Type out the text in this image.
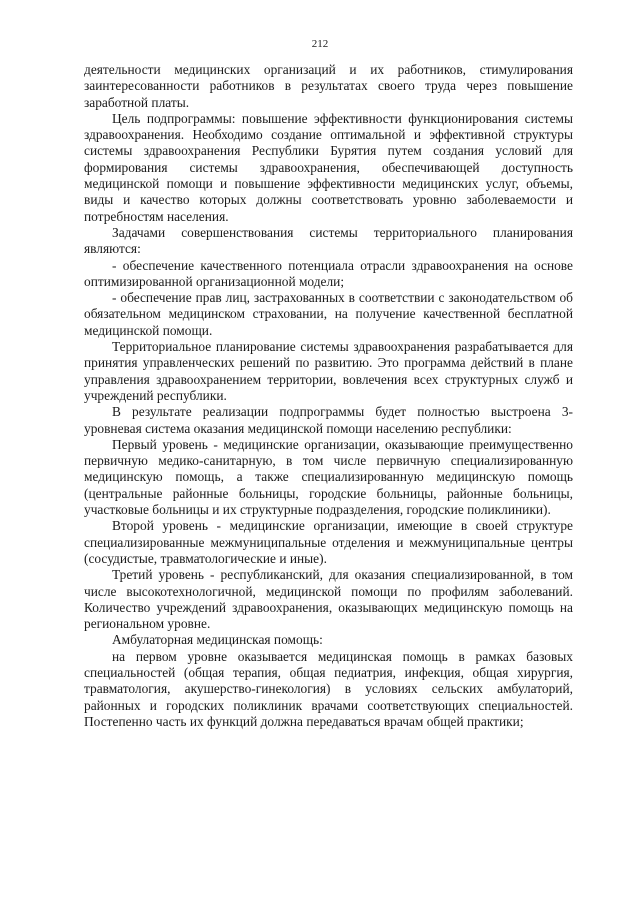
212

деятельности медицинских организаций и их работников, стимулирования заинтересованности работников в результатах своего труда через повышение заработной платы.

Цель подпрограммы: повышение эффективности функционирования системы здравоохранения. Необходимо создание оптимальной и эффективной структуры системы здравоохранения Республики Бурятия путем создания условий для формирования системы здравоохранения, обеспечивающей доступность медицинской помощи и повышение эффективности медицинских услуг, объемы, виды и качество которых должны соответствовать уровню заболеваемости и потребностям населения.

Задачами совершенствования системы территориального планирования являются:

- обеспечение качественного потенциала отрасли здравоохранения на основе оптимизированной организационной модели;

- обеспечение прав лиц, застрахованных в соответствии с законодательством об обязательном медицинском страховании, на получение качественной бесплатной медицинской помощи.

Территориальное планирование системы здравоохранения разрабатывается для принятия управленческих решений по развитию. Это программа действий в плане управления здравоохранением территории, вовлечения всех структурных служб и учреждений республики.

В результате реализации подпрограммы будет полностью выстроена 3-уровневая система оказания медицинской помощи населению республики:

Первый уровень - медицинские организации, оказывающие преимущественно первичную медико-санитарную, в том числе первичную специализированную медицинскую помощь, а также специализированную медицинскую помощь (центральные районные больницы, городские больницы, районные больницы, участковые больницы и их структурные подразделения, городские поликлиники).

Второй уровень - медицинские организации, имеющие в своей структуре специализированные межмуниципальные отделения и межмуниципальные центры (сосудистые, травматологические и иные).

Третий уровень - республиканский, для оказания специализированной, в том числе высокотехнологичной, медицинской помощи по профилям заболеваний. Количество учреждений здравоохранения, оказывающих медицинскую помощь на региональном уровне.

Амбулаторная медицинская помощь:

на первом уровне оказывается медицинская помощь в рамках базовых специальностей (общая терапия, общая педиатрия, инфекция, общая хирургия, травматология, акушерство-гинекология) в условиях сельских амбулаторий, районных и городских поликлиник врачами соответствующих специальностей. Постепенно часть их функций должна передаваться врачам общей практики;
